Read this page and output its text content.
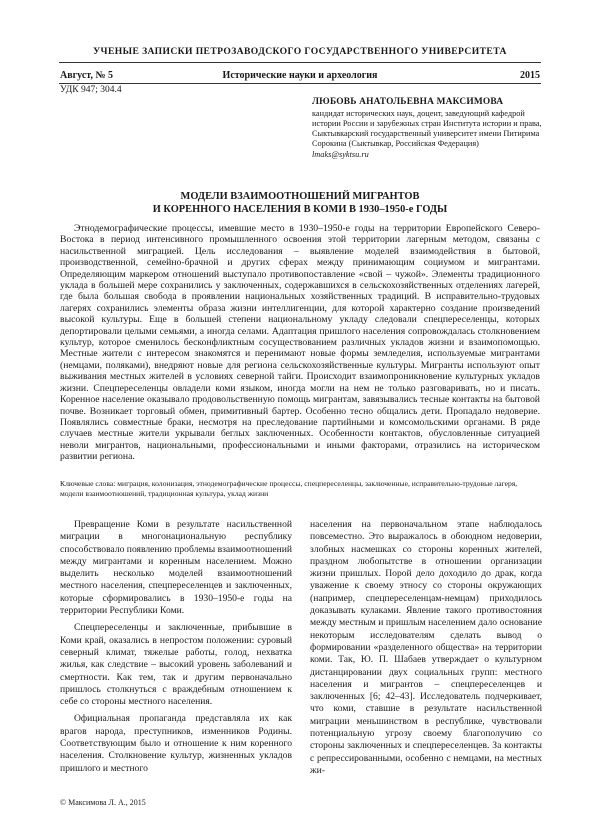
УЧЕНЫЕ ЗАПИСКИ ПЕТРОЗАВОДСКОГО ГОСУДАРСТВЕННОГО УНИВЕРСИТЕТА
Август, № 5	Исторические науки и археология	2015
УДК 947; 304.4
ЛЮБОВЬ АНАТОЛЬЕВНА МАКСИМОВА
кандидат исторических наук, доцент, заведующий кафедрой истории России и зарубежных стран Института истории и права, Сыктывкарский государственный университет имени Питирима Сорокина (Сыктывкар, Российская Федерация)
lmaks@syktsu.ru
МОДЕЛИ ВЗАИМООТНОШЕНИЙ МИГРАНТОВ
И КОРЕННОГО НАСЕЛЕНИЯ В КОМИ В 1930–1950-е ГОДЫ

Этнодемографические процессы, имевшие место в 1930–1950-е годы на территории Европейского Северо-Востока в период интенсивного промышленного освоения этой территории лагерным методом, связаны с насильственной миграцией. Цель исследования – выявление моделей взаимодействия в бытовой, производственной, семейно-брачной и других сферах между принимающим социумом и мигрантами. Определяющим маркером отношений выступало противопоставление «свой – чужой». Элементы традиционного уклада в большей мере сохранились у заключенных, содержавшихся в сельскохозяйственных отделениях лагерей, где была большая свобода в проявлении национальных хозяйственных традиций. В исправительно-трудовых лагерях сохранились элементы образа жизни интеллигенции, для которой характерно создание произведений высокой культуры. Еще в большей степени национальному укладу следовали спецпереселенцы, которых депортировали целыми семьями, а иногда селами. Адаптация пришлого населения сопровождалась столкновением культур, которое сменилось бесконфликтным сосуществованием различных укладов жизни и взаимопомощью. Местные жители с интересом знакомятся и перенимают новые формы земледелия, используемые мигрантами (немцами, поляками), внедряют новые для региона сельскохозяйственные культуры. Мигранты используют опыт выживания местных жителей в условиях северной тайги. Происходит взаимопроникновение культурных укладов жизни. Спецпереселенцы овладели коми языком, иногда могли на нем не только разговаривать, но и писать. Коренное население оказывало продовольственную помощь мигрантам, завязывались тесные контакты на бытовой почве. Возникает торговый обмен, примитивный бартер. Особенно тесно общались дети. Пропадало недоверие. Появлялись совместные браки, несмотря на преследование партийными и комсомольскими органами. В ряде случаев местные жители укрывали беглых заключенных. Особенности контактов, обусловленные ситуацией неволи мигрантов, национальными, профессиональными и иными факторами, отразились на историческом развитии региона.

Ключевые слова: миграция, колонизация, этнодемографические процессы, спецпереселенцы, заключенные, исправительно-трудовые лагеря, модели взаимоотношений, традиционная культура, уклад жизни

Превращение Коми в результате насильственной миграции в многонациональную республику способствовало появлению проблемы взаимоотношений между мигрантами и коренным населением. Можно выделить несколько моделей взаимоотношений местного населения, спецпереселенцев и заключенных, которые сформировались в 1930–1950-е годы на территории Республики Коми.

Спецпереселенцы и заключенные, прибывшие в Коми край, оказались в непростом положении: суровый северный климат, тяжелые работы, голод, нехватка жилья, как следствие – высокий уровень заболеваний и смертности. Как тем, так и другим первоначально пришлось столкнуться с враждебным отношением к себе со стороны местного населения.

Официальная пропаганда представляла их как врагов народа, преступников, изменников Родины. Соответствующим было и отношение к ним коренного населения. Столкновение культур, жизненных укладов пришлого и местного

населения на первоначальном этапе наблюдалось повсеместно. Это выражалось в обоюдном недоверии, злобных насмешках со стороны коренных жителей, праздном любопытстве в отношении организации жизни пришлых. Порой дело доходило до драк, когда уважение к своему этносу со стороны окружающих (например, спецпереселенцам-немцам) приходилось доказывать кулаками. Явление такого противостояния между местным и пришлым населением дало основание некоторым исследователям сделать вывод о формировании «разделенного общества» на территории коми. Так, Ю. П. Шабаев утверждает о культурном дистанцировании двух социальных групп: местного населения и мигрантов – спецпереселенцев и заключенных [6; 42–43]. Исследователь подчеркивает, что коми, ставшие в результате насильственной миграции меньшинством в республике, чувствовали потенциальную угрозу своему благополучию со стороны заключенных и спецпереселенцев. За контакты с репрессированными, особенно с немцами, на местных жи-

© Максимова Л. А., 2015
